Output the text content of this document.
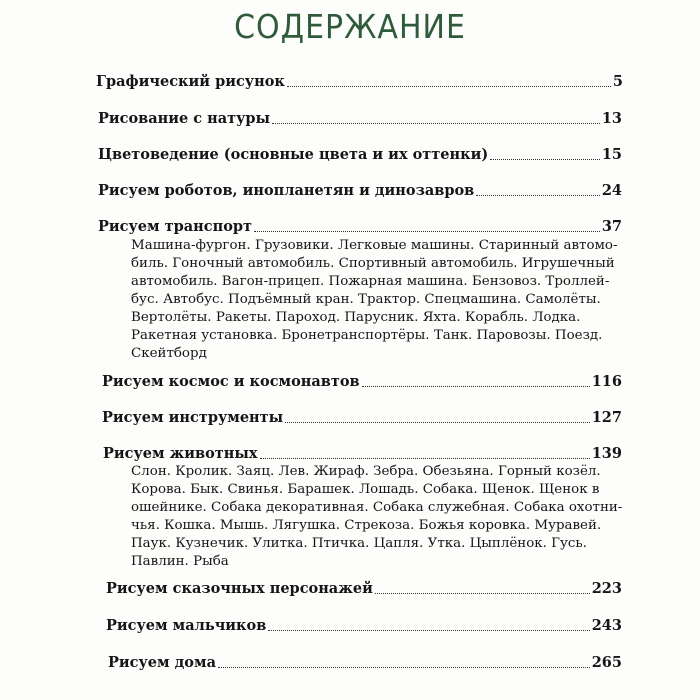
СОДЕРЖАНИЕ
Графический рисунок	5
Рисование с натуры	13
Цветоведение (основные цвета и их оттенки)	15
Рисуем роботов, инопланетян и динозавров	24
Рисуем транспорт	37
Машина-фургон. Грузовики. Легковые машины. Старинный автомо-
биль. Гоночный автомобиль. Спортивный автомобиль. Игрушечный
автомобиль. Вагон-прицеп. Пожарная машина. Бензовоз. Троллей-
бус. Автобус. Подъёмный кран. Трактор. Спецмашина. Самолёты.
Вертолёты. Ракеты. Пароход. Парусник. Яхта. Корабль. Лодка.
Ракетная установка. Бронетранспортёры. Танк. Паровозы. Поезд.
Скейтборд
Рисуем космос и космонавтов	116
Рисуем инструменты	127
Рисуем животных	139
Слон. Кролик. Заяц. Лев. Жираф. Зебра. Обезьяна. Горный козёл.
Корова. Бык. Свинья. Барашек. Лошадь. Собака. Щенок. Щенок в
ошейнике. Собака декоративная. Собака служебная. Собака охотни-
чья. Кошка. Мышь. Лягушка. Стрекоза. Божья коровка. Муравей.
Паук. Кузнечик. Улитка. Птичка. Цапля. Утка. Цыплёнок. Гусь.
Павлин. Рыба
Рисуем сказочных персонажей	223
Рисуем мальчиков	243
Рисуем дома	265
